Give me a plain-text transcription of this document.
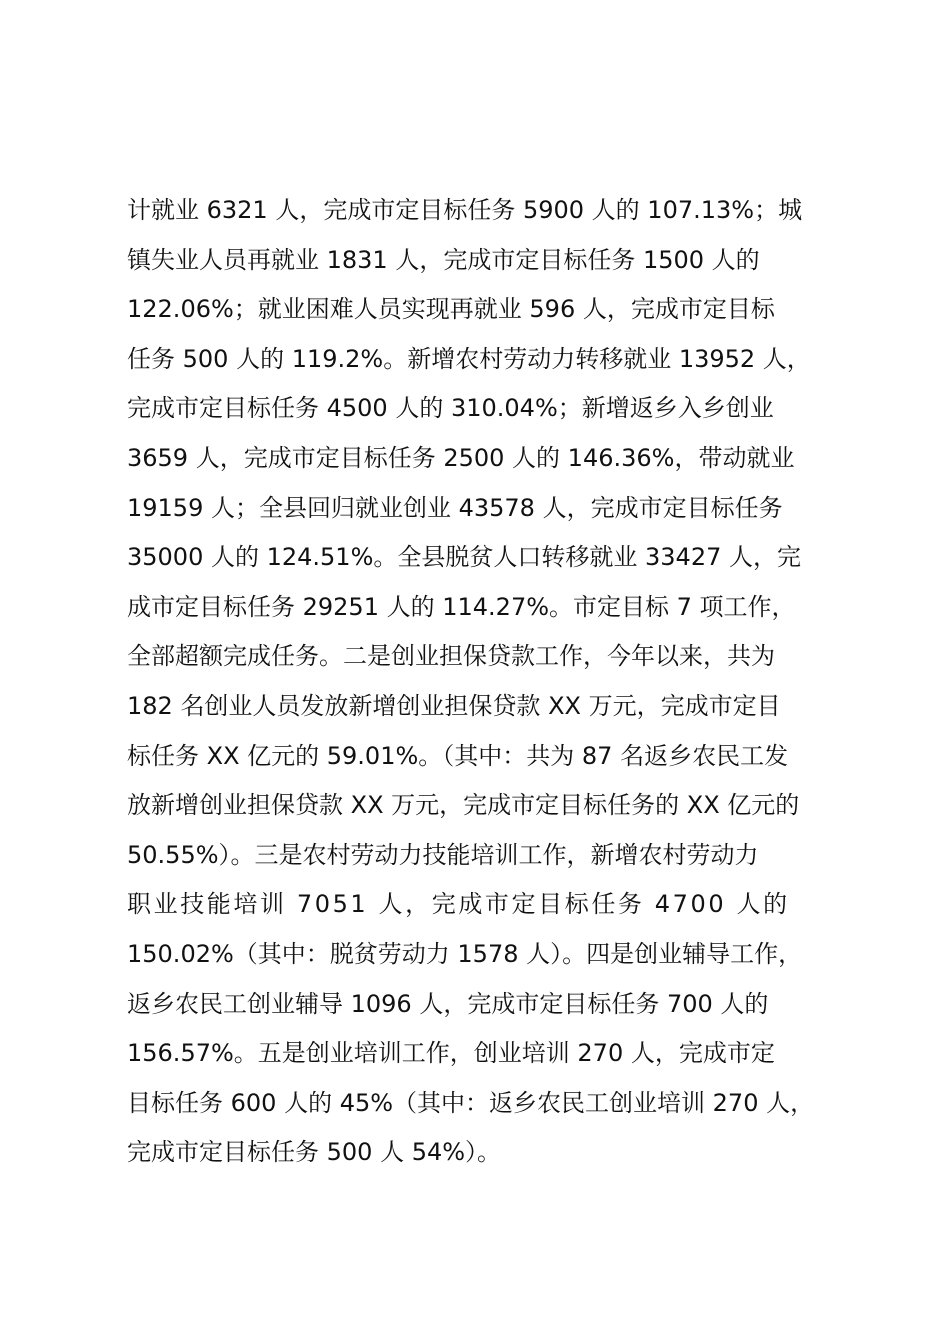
计就业 6321 人，完成市定目标任务 5900 人的 107.13%；城
镇失业人员再就业 1831 人，完成市定目标任务 1500 人的
122.06%；就业困难人员实现再就业 596 人，完成市定目标
任务 500 人的 119.2%。新增农村劳动力转移就业 13952 人，
完成市定目标任务 4500 人的 310.04%；新增返乡入乡创业
3659 人，完成市定目标任务 2500 人的 146.36%，带动就业
19159 人；全县回归就业创业 43578 人，完成市定目标任务
35000 人的 124.51%。全县脱贫人口转移就业 33427 人，完
成市定目标任务 29251 人的 114.27%。市定目标 7 项工作，
全部超额完成任务。二是创业担保贷款工作，今年以来，共为
182 名创业人员发放新增创业担保贷款 XX 万元，完成市定目
标任务 XX 亿元的 59.01%。（其中：共为 87 名返乡农民工发
放新增创业担保贷款 XX 万元，完成市定目标任务的 XX 亿元的
50.55%）。三是农村劳动力技能培训工作，新增农村劳动力
职业技能培训 7051 人，完成市定目标任务 4700 人的
150.02%（其中：脱贫劳动力 1578 人）。四是创业辅导工作，
返乡农民工创业辅导 1096 人，完成市定目标任务 700 人的
156.57%。五是创业培训工作，创业培训 270 人，完成市定
目标任务 600 人的 45%（其中：返乡农民工创业培训 270 人，
完成市定目标任务 500 人 54%）。
